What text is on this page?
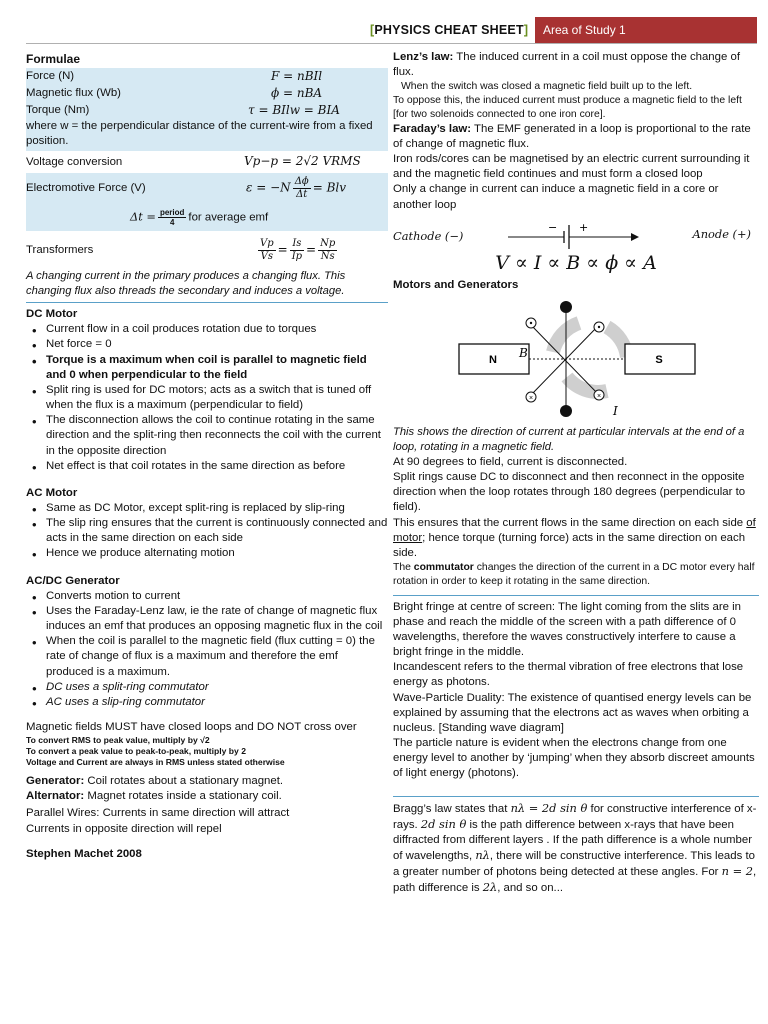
[PHYSICS CHEAT SHEET]	Area of Study 1
Formulae
Force (N)	F = nBIl
Magnetic flux (Wb)	ϕ = nBA
Torque (Nm)	τ = BIlw = BIA
where w = the perpendicular distance of the current-wire from a fixed position.
Voltage conversion	Vp−p = 2√2 VRMS
Electromotive Force (V)	$\varepsilon = -N \frac{\Delta\phi}{\Delta t}$ = Blv
$\Delta t = \frac{\text{period}}{4}$ for average emf
Transformers	$\frac{Vp}{Vs} = \frac{Is}{Ip} = \frac{Np}{Ns}$
A changing current in the primary produces a changing flux. This changing flux also threads the secondary and induces a voltage.
DC Motor
• Current flow in a coil produces rotation due to torques
• Net force = 0
• Torque is a maximum when coil is parallel to magnetic field and 0 when perpendicular to the field
• Split ring is used for DC motors; acts as a switch that is tuned off when the flux is a maximum (perpendicular to field)
• The disconnection allows the coil to continue rotating in the same direction and the split-ring then reconnects the coil with the current in the opposite direction
• Net effect is that coil rotates in the same direction as before
AC Motor
• Same as DC Motor, except split-ring is replaced by slip-ring
• The slip ring ensures that the current is continuously connected and acts in the same direction on each side
• Hence we produce alternating motion
AC/DC Generator
• Converts motion to current
• Uses the Faraday-Lenz law, ie the rate of change of magnetic flux induces an emf that produces an opposing magnetic flux in the coil
• When the coil is parallel to the magnetic field (flux cutting = 0) the rate of change of flux is a maximum and therefore the emf produced is a maximum.
• DC uses a split-ring commutator
• AC uses a slip-ring commutator
Magnetic fields MUST have closed loops and DO NOT cross over
To convert RMS to peak value, multiply by √2
To convert a peak value to peak-to-peak, multiply by 2
Voltage and Current are always in RMS unless stated otherwise
Generator: Coil rotates about a stationary magnet.
Alternator: Magnet rotates inside a stationary coil.
Parallel Wires: Currents in same direction will attract
Currents in opposite direction will repel
Stephen Machet 2008
Lenz’s law: The induced current in a coil must oppose the change of flux.
When the switch was closed a magnetic field built up to the left.
To oppose this, the induced current must produce a magnetic field to the left [for two solenoids connected to one iron core].
Faraday’s law: The EMF generated in a loop is proportional to the rate of change of magnetic flux.
Iron rods/cores can be magnetised by an electric current surrounding it and the magnetic field continues and must form a closed loop
Only a change in current can induce a magnetic field in a core or another loop
Cathode (−)
− +	Anode (+)
V ∝ I ∝ B ∝ ϕ ∝ A
Motors and Generators
N	S
×	×
B
I
This shows the direction of current at particular intervals at the end of a loop, rotating in a magnetic field.
At 90 degrees to field, current is disconnected.
Split rings cause DC to disconnect and then reconnect in the opposite direction when the loop rotates through 180 degrees (perpendicular to field).
This ensures that the current flows in the same direction on each side of motor; hence torque (turning force) acts in the same direction on each side.
The commutator changes the direction of the current in a DC motor every half rotation in order to keep it rotating in the same direction.
Bright fringe at centre of screen: The light coming from the slits are in phase and reach the middle of the screen with a path difference of 0 wavelengths, therefore the waves constructively interfere to cause a bright fringe in the middle.
Incandescent refers to the thermal vibration of free electrons that lose energy as photons.
Wave-Particle Duality: The existence of quantised energy levels can be explained by assuming that the electrons act as waves when orbiting a nucleus. [Standing wave diagram]
The particle nature is evident when the electrons change from one energy level to another by ‘jumping’ when they absorb discreet amounts of light energy (photons).
Bragg’s law states that nλ = 2d sin θ for constructive interference of x-rays. 2d sin θ is the path difference between x-rays that have been diffracted from different layers . If the path difference is a whole number of wavelengths, nλ, there will be constructive interference. This leads to a greater number of photons being detected at these angles. For n = 2, path difference is 2λ, and so on...
